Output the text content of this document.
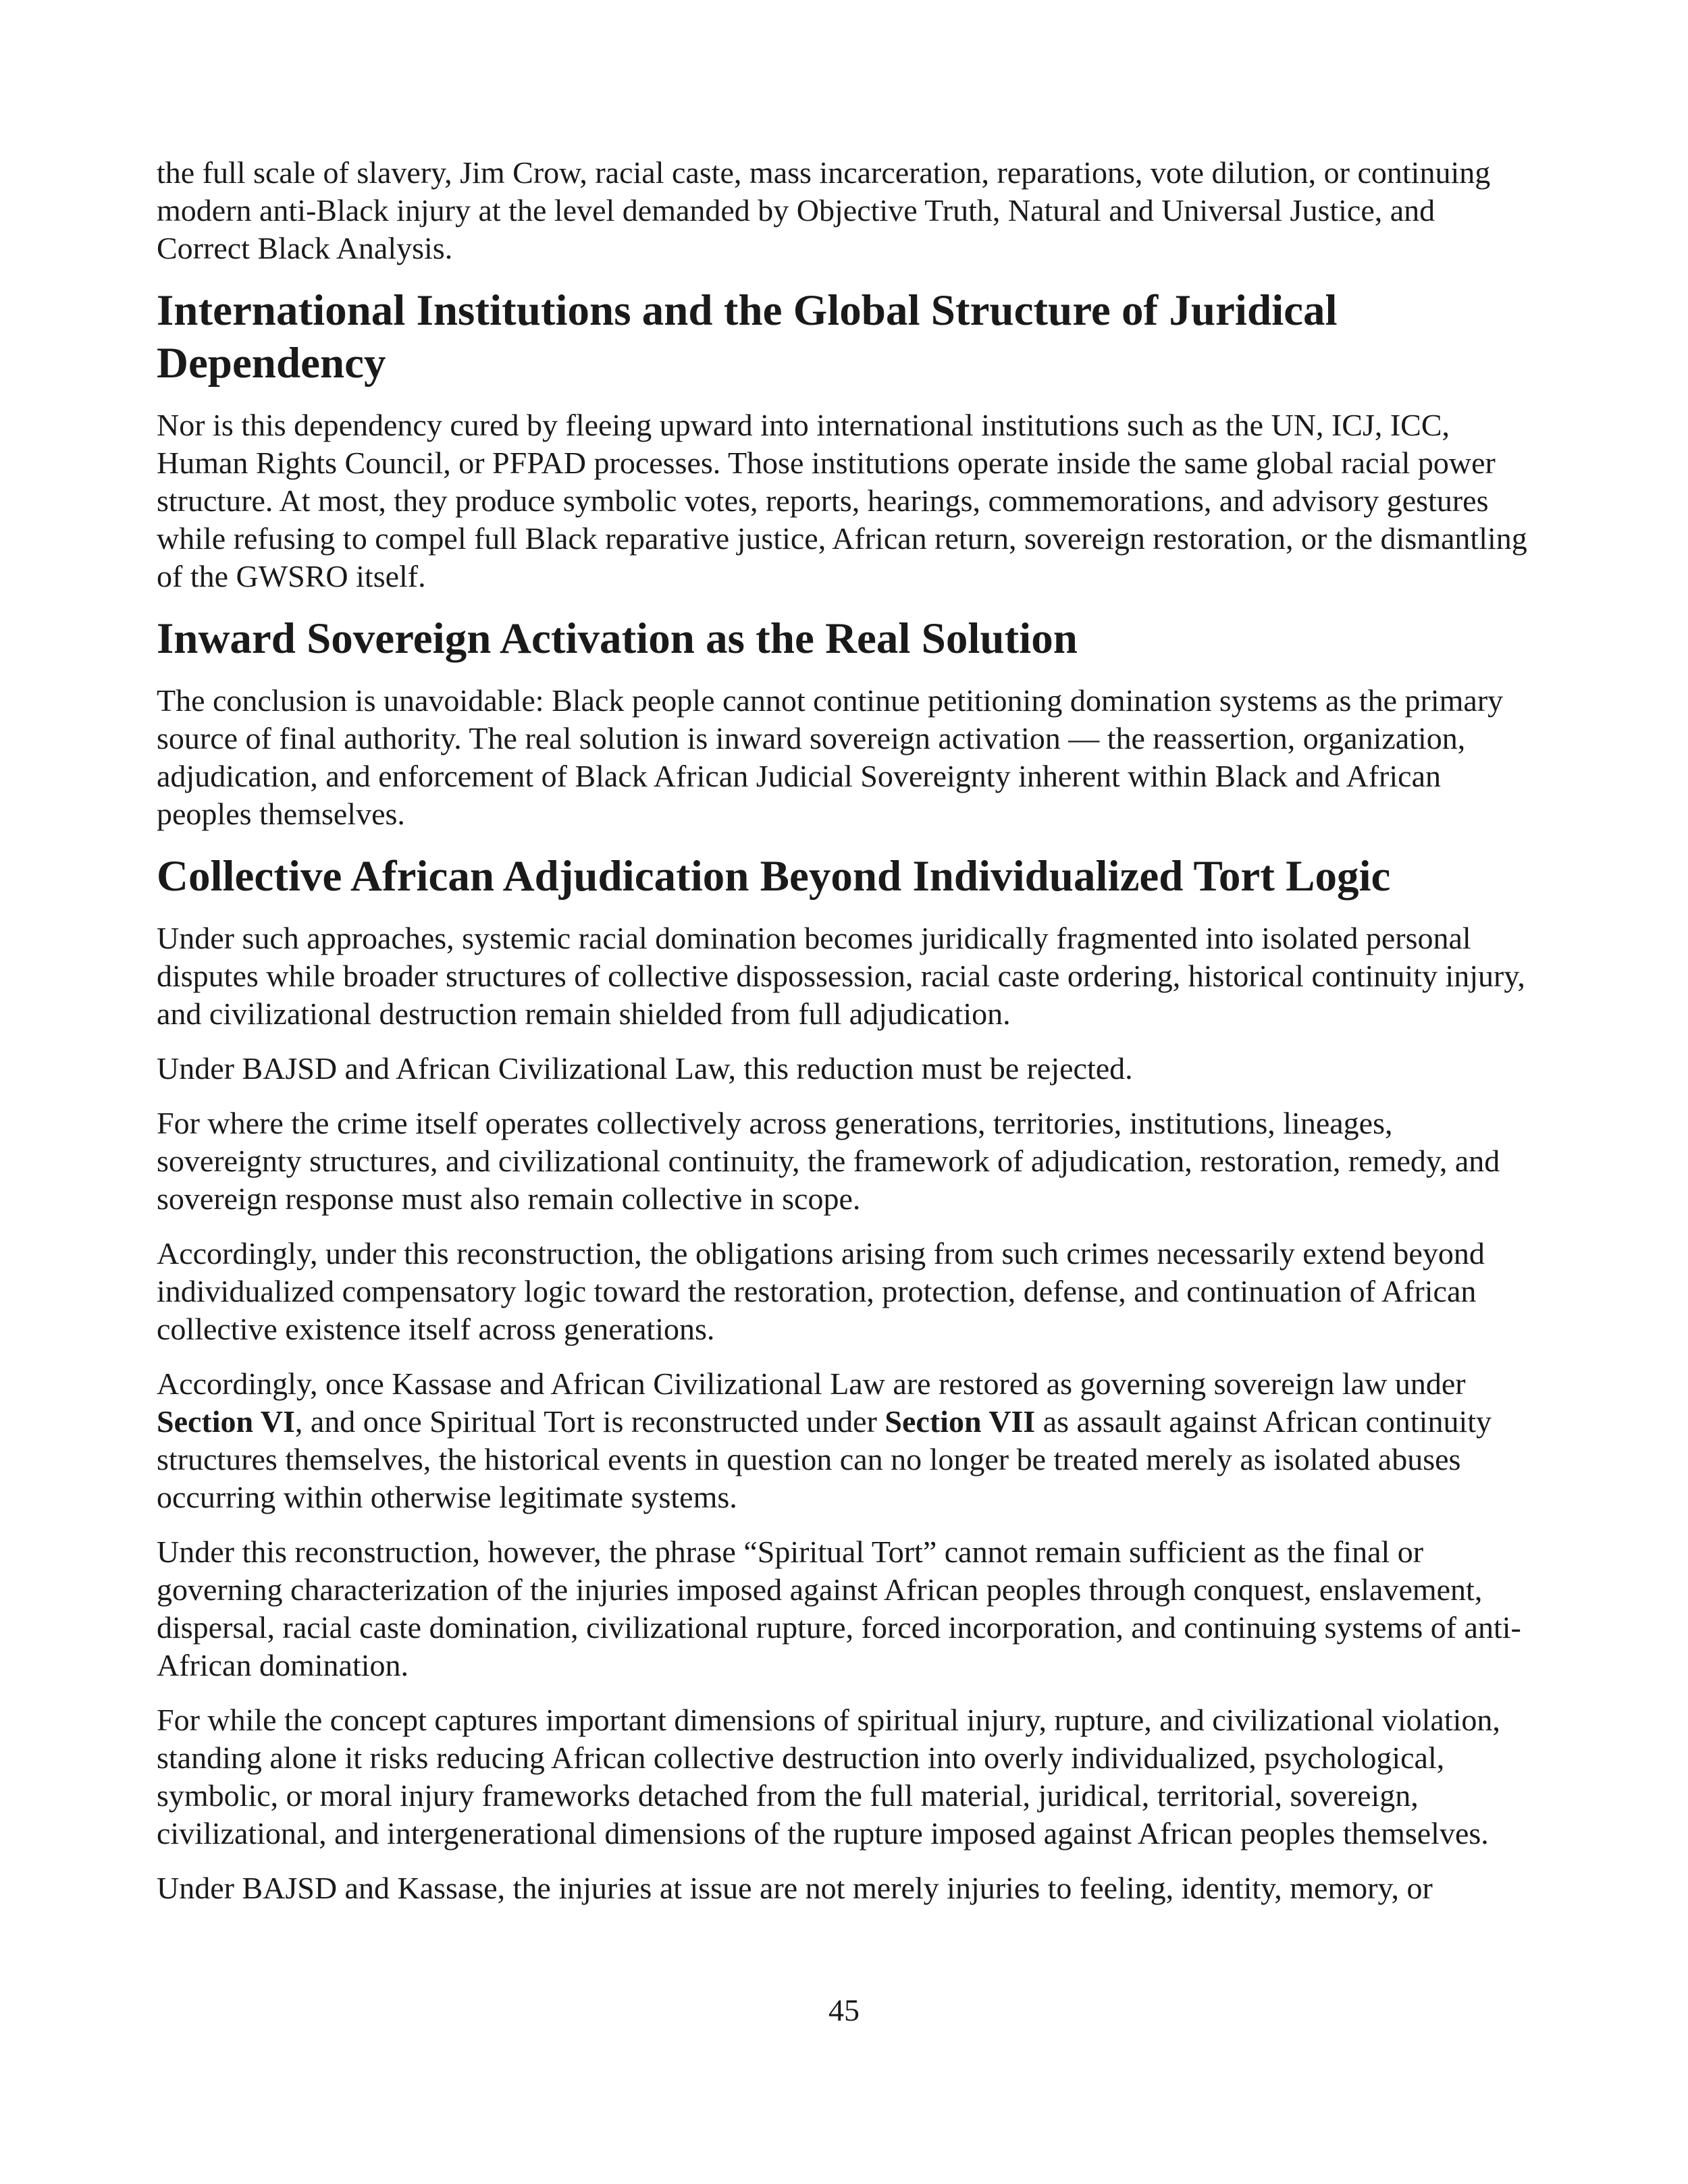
the full scale of slavery, Jim Crow, racial caste, mass incarceration, reparations, vote dilution, or continuing modern anti-Black injury at the level demanded by Objective Truth, Natural and Universal Justice, and Correct Black Analysis.

International Institutions and the Global Structure of Juridical Dependency

Nor is this dependency cured by fleeing upward into international institutions such as the UN, ICJ, ICC, Human Rights Council, or PFPAD processes. Those institutions operate inside the same global racial power structure. At most, they produce symbolic votes, reports, hearings, commemorations, and advisory gestures while refusing to compel full Black reparative justice, African return, sovereign restoration, or the dismantling of the GWSRO itself.

Inward Sovereign Activation as the Real Solution

The conclusion is unavoidable: Black people cannot continue petitioning domination systems as the primary source of final authority. The real solution is inward sovereign activation — the reassertion, organization, adjudication, and enforcement of Black African Judicial Sovereignty inherent within Black and African peoples themselves.

Collective African Adjudication Beyond Individualized Tort Logic

Under such approaches, systemic racial domination becomes juridically fragmented into isolated personal disputes while broader structures of collective dispossession, racial caste ordering, historical continuity injury, and civilizational destruction remain shielded from full adjudication.

Under BAJSD and African Civilizational Law, this reduction must be rejected.

For where the crime itself operates collectively across generations, territories, institutions, lineages, sovereignty structures, and civilizational continuity, the framework of adjudication, restoration, remedy, and sovereign response must also remain collective in scope.

Accordingly, under this reconstruction, the obligations arising from such crimes necessarily extend beyond individualized compensatory logic toward the restoration, protection, defense, and continuation of African collective existence itself across generations.

Accordingly, once Kassase and African Civilizational Law are restored as governing sovereign law under Section VI, and once Spiritual Tort is reconstructed under Section VII as assault against African continuity structures themselves, the historical events in question can no longer be treated merely as isolated abuses occurring within otherwise legitimate systems.

Under this reconstruction, however, the phrase “Spiritual Tort” cannot remain sufficient as the final or governing characterization of the injuries imposed against African peoples through conquest, enslavement, dispersal, racial caste domination, civilizational rupture, forced incorporation, and continuing systems of anti-African domination.

For while the concept captures important dimensions of spiritual injury, rupture, and civilizational violation, standing alone it risks reducing African collective destruction into overly individualized, psychological, symbolic, or moral injury frameworks detached from the full material, juridical, territorial, sovereign, civilizational, and intergenerational dimensions of the rupture imposed against African peoples themselves.

Under BAJSD and Kassase, the injuries at issue are not merely injuries to feeling, identity, memory, or

45
